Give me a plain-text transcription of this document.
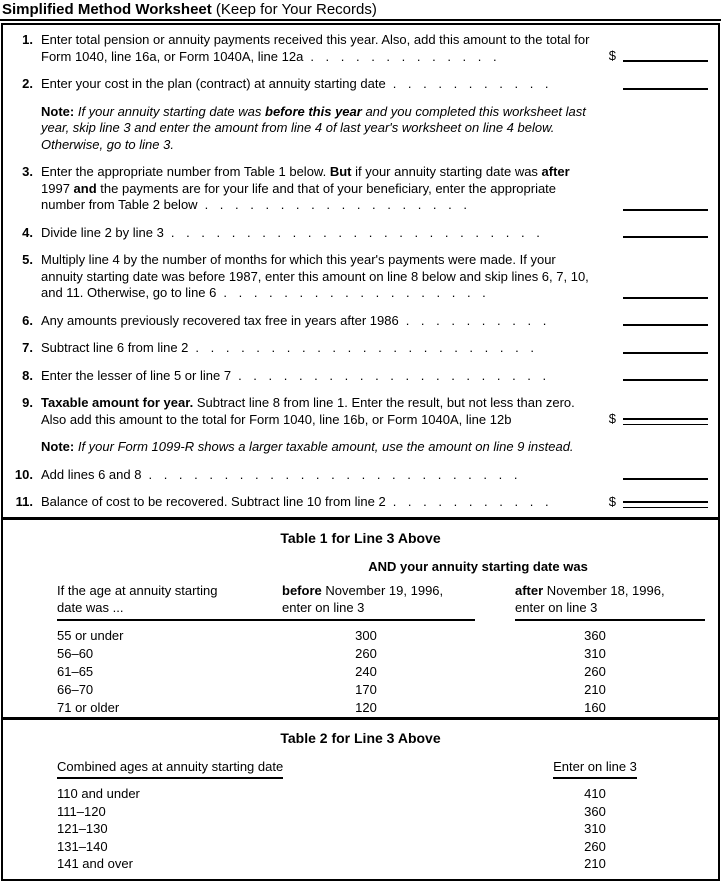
Simplified Method Worksheet (Keep for Your Records)
1. Enter total pension or annuity payments received this year. Also, add this amount to the total for Form 1040, line 16a, or Form 1040A, line 12a . . . . . . . . . . . . .	$
2. Enter your cost in the plan (contract) at annuity starting date . . . . . . . . . . .
Note: If your annuity starting date was before this year and you completed this worksheet last year, skip line 3 and enter the amount from line 4 of last year's worksheet on line 4 below. Otherwise, go to line 3.
3. Enter the appropriate number from Table 1 below. But if your annuity starting date was after 1997 and the payments are for your life and that of your beneficiary, enter the appropriate number from Table 2 below . . . . . . . . . . . . . . . . . .
4. Divide line 2 by line 3 . . . . . . . . . . . . . . . . . . . . . . . . .
5. Multiply line 4 by the number of months for which this year's payments were made. If your annuity starting date was before 1987, enter this amount on line 8 below and skip lines 6, 7, 10, and 11. Otherwise, go to line 6 . . . . . . . . . . . . . . . . . .
6. Any amounts previously recovered tax free in years after 1986 . . . . . . . . . .
7. Subtract line 6 from line 2 . . . . . . . . . . . . . . . . . . . . . . .
8. Enter the lesser of line 5 or line 7 . . . . . . . . . . . . . . . . . . . . .
9. Taxable amount for year. Subtract line 8 from line 1. Enter the result, but not less than zero. Also add this amount to the total for Form 1040, line 16b, or Form 1040A, line 12b	$
Note: If your Form 1099-R shows a larger taxable amount, use the amount on line 9 instead.
10. Add lines 6 and 8 . . . . . . . . . . . . . . . . . . . . . . . . .
11. Balance of cost to be recovered. Subtract line 10 from line 2 . . . . . . . . . . .	$
Table 1 for Line 3 Above
AND your annuity starting date was
If the age at annuity starting
date was ...
before November 19, 1996,
enter on line 3
after November 18, 1996,
enter on line 3
55 or under	300	360
56–60	260	310
61–65	240	260
66–70	170	210
71 or older	120	160
Table 2 for Line 3 Above
Combined ages at annuity starting date	Enter on line 3
110 and under	410
111–120	360
121–130	310
131–140	260
141 and over	210
